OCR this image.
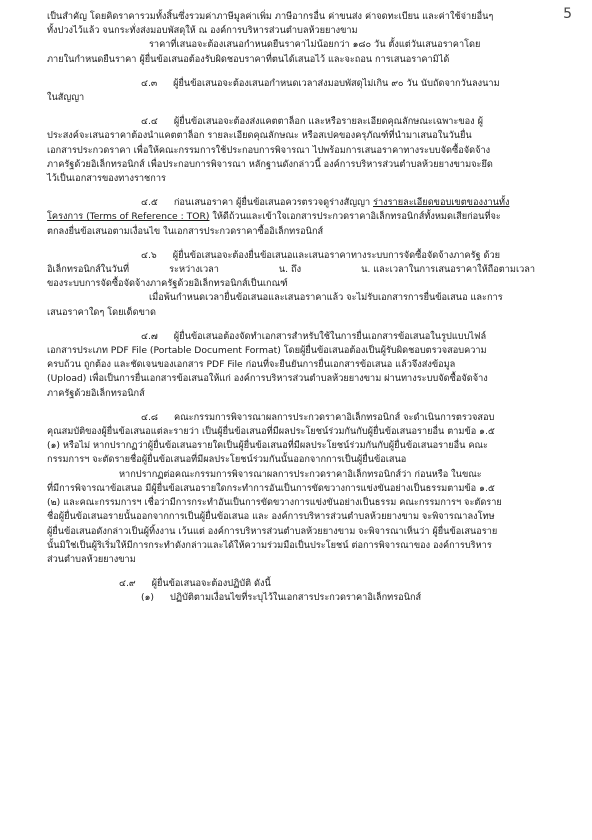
5

เป็นสำคัญ โดยคิดราคารวมทั้งสิ้นซึ่งรวมค่าภาษีมูลค่าเพิ่ม ภาษีอากรอื่น ค่าขนส่ง ค่าจดทะเบียน และค่าใช้จ่ายอื่นๆ

ทั้งปวงไว้แล้ว จนกระทั่งส่งมอบพัสดุให้ ณ องค์การบริหารส่วนตำบลห้วยยางขาม

ราคาที่เสนอจะต้องเสนอกำหนดยืนราคาไม่น้อยกว่า ๑๘๐ วัน ตั้งแต่วันเสนอราคาโดย

ภายในกำหนดยืนราคา ผู้ยื่นข้อเสนอต้องรับผิดชอบราคาที่ตนได้เสนอไว้ และจะถอน การเสนอราคามิได้

๔.๓ ผู้ยื่นข้อเสนอจะต้องเสนอกำหนดเวลาส่งมอบพัสดุไม่เกิน ๙๐ วัน นับถัดจากวันลงนาม

ในสัญญา

๔.๔ ผู้ยื่นข้อเสนอจะต้องส่งแคตตาล็อก และหรือรายละเอียดคุณลักษณะเฉพาะของ ผู้

ประสงค์จะเสนอราคาต้องนำแคตตาล็อก รายละเอียดคุณลักษณะ หรือสเปคของครุภัณฑ์ที่นำมาเสนอในวันยื่น

เอกสารประกวดราคา เพื่อให้คณะกรรมการใช้ประกอบการพิจารณา ไปพร้อมการเสนอราคาทางระบบจัดซื้อจัดจ้าง

ภาครัฐด้วยอิเล็กทรอนิกส์ เพื่อประกอบการพิจารณา หลักฐานดังกล่าวนี้ องค์การบริหารส่วนตำบลห้วยยางขามจะยึด

ไว้เป็นเอกสารของทางราชการ

๔.๕ ก่อนเสนอราคา ผู้ยื่นข้อเสนอควรตรวจดูร่างสัญญา ร่างรายละเอียดขอบเขตของงานทั้ง

โครงการ (Terms of Reference : TOR) ให้ดีถ้วนและเข้าใจเอกสารประกวดราคาอิเล็กทรอนิกส์ทั้งหมดเสียก่อนที่จะ

ตกลงยื่นข้อเสนอตามเงื่อนไข ในเอกสารประกวดราคาซื้ออิเล็กทรอนิกส์

๔.๖ ผู้ยื่นข้อเสนอจะต้องยื่นข้อเสนอและเสนอราคาทางระบบการจัดซื้อจัดจ้างภาครัฐ ด้วย

อิเล็กทรอนิกส์ในวันที่	ระหว่างเวลา	น. ถึง	น. และเวลาในการเสนอราคาให้ถือตามเวลา

ของระบบการจัดซื้อจัดจ้างภาครัฐด้วยอิเล็กทรอนิกส์เป็นเกณฑ์

เมื่อพ้นกำหนดเวลายื่นข้อเสนอและเสนอราคาแล้ว จะไม่รับเอกสารการยื่นข้อเสนอ และการ

เสนอราคาใดๆ โดยเด็ดขาด

๔.๗ ผู้ยื่นข้อเสนอต้องจัดทำเอกสารสำหรับใช้ในการยื่นเอกสารข้อเสนอในรูปแบบไฟล์

เอกสารประเภท PDF File (Portable Document Format) โดยผู้ยื่นข้อเสนอต้องเป็นผู้รับผิดชอบตรวจสอบความ

ครบถ้วน ถูกต้อง และชัดเจนของเอกสาร PDF File ก่อนที่จะยืนยันการยื่นเอกสารข้อเสนอ แล้วจึงส่งข้อมูล

(Upload) เพื่อเป็นการยื่นเอกสารข้อเสนอให้แก่ องค์การบริหารส่วนตำบลห้วยยางขาม ผ่านทางระบบจัดซื้อจัดจ้าง

ภาครัฐด้วยอิเล็กทรอนิกส์

๔.๘ คณะกรรมการพิจารณาผลการประกวดราคาอิเล็กทรอนิกส์ จะดำเนินการตรวจสอบ

คุณสมบัติของผู้ยื่นข้อเสนอแต่ละรายว่า เป็นผู้ยื่นข้อเสนอที่มีผลประโยชน์ร่วมกันกับผู้ยื่นข้อเสนอรายอื่น ตามข้อ ๑.๕

(๑) หรือไม่ หากปรากฏว่าผู้ยื่นข้อเสนอรายใดเป็นผู้ยื่นข้อเสนอที่มีผลประโยชน์ร่วมกันกับผู้ยื่นข้อเสนอรายอื่น คณะ

กรรมการฯ จะตัดรายชื่อผู้ยื่นข้อเสนอที่มีผลประโยชน์ร่วมกันนั้นออกจากการเป็นผู้ยื่นข้อเสนอ

หากปรากฏต่อคณะกรรมการพิจารณาผลการประกวดราคาอิเล็กทรอนิกส์ว่า ก่อนหรือ ในขณะ

ที่มีการพิจารณาข้อเสนอ มีผู้ยื่นข้อเสนอรายใดกระทำการอันเป็นการขัดขวางการแข่งขันอย่างเป็นธรรมตามข้อ ๑.๕

(๒) และคณะกรรมการฯ เชื่อว่ามีการกระทำอันเป็นการขัดขวางการแข่งขันอย่างเป็นธรรม คณะกรรมการฯ จะตัดราย

ชื่อผู้ยื่นข้อเสนอรายนั้นออกจากการเป็นผู้ยื่นข้อเสนอ และ องค์การบริหารส่วนตำบลห้วยยางขาม จะพิจารณาลงโทษ

ผู้ยื่นข้อเสนอดังกล่าวเป็นผู้ทิ้งงาน เว้นแต่ องค์การบริหารส่วนตำบลห้วยยางขาม จะพิจารณาเห็นว่า ผู้ยื่นข้อเสนอราย

นั้นมิใช่เป็นผู้ริเริ่มให้มีการกระทำดังกล่าวและได้ให้ความร่วมมือเป็นประโยชน์ ต่อการพิจารณาของ องค์การบริหาร

ส่วนตำบลห้วยยางขาม

๔.๙ ผู้ยื่นข้อเสนอจะต้องปฏิบัติ ดังนี้

(๑) ปฏิบัติตามเงื่อนไขที่ระบุไว้ในเอกสารประกวดราคาอิเล็กทรอนิกส์
